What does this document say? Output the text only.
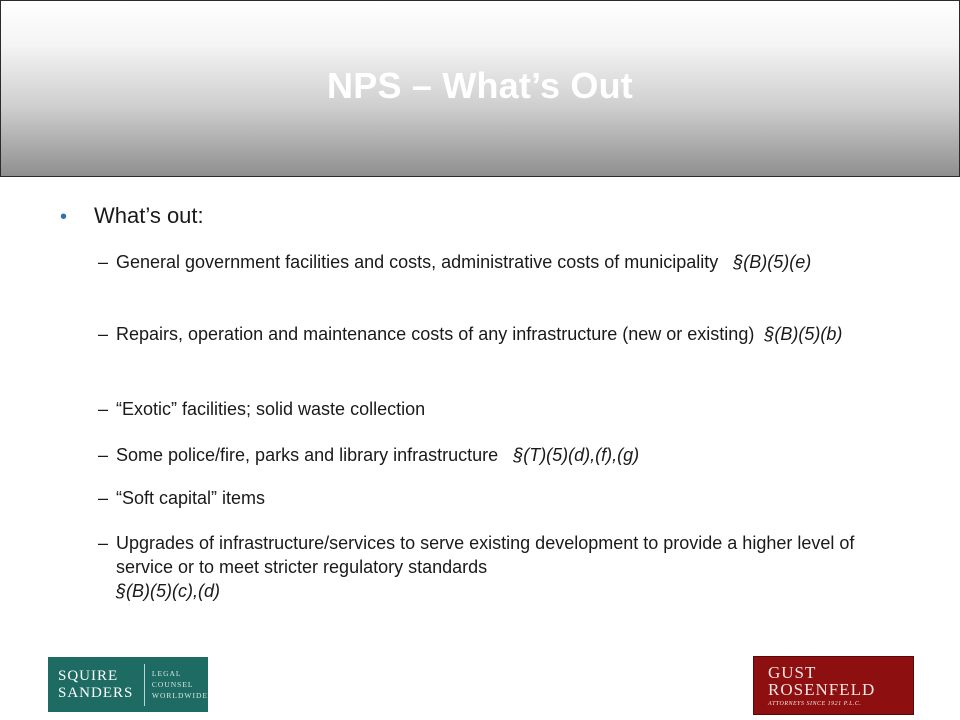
NPS – What’s Out
•	What’s out:
– General government facilities and costs, administrative costs of municipality §(B)(5)(e)
– Repairs, operation and maintenance costs of any infrastructure (new or existing) §(B)(5)(b)
– “Exotic” facilities; solid waste collection
– Some police/fire, parks and library infrastructure §(T)(5)(d),(f),(g)
– “Soft capital” items
– Upgrades of infrastructure/services to serve existing development to provide a higher level of service or to meet stricter regulatory standards
§(B)(5)(c),(d)
SQUIRE
SANDERS
LEGAL
COUNSEL
WORLDWIDE
GUST
ROSENFELD
ATTORNEYS SINCE 1921 P.L.C.
